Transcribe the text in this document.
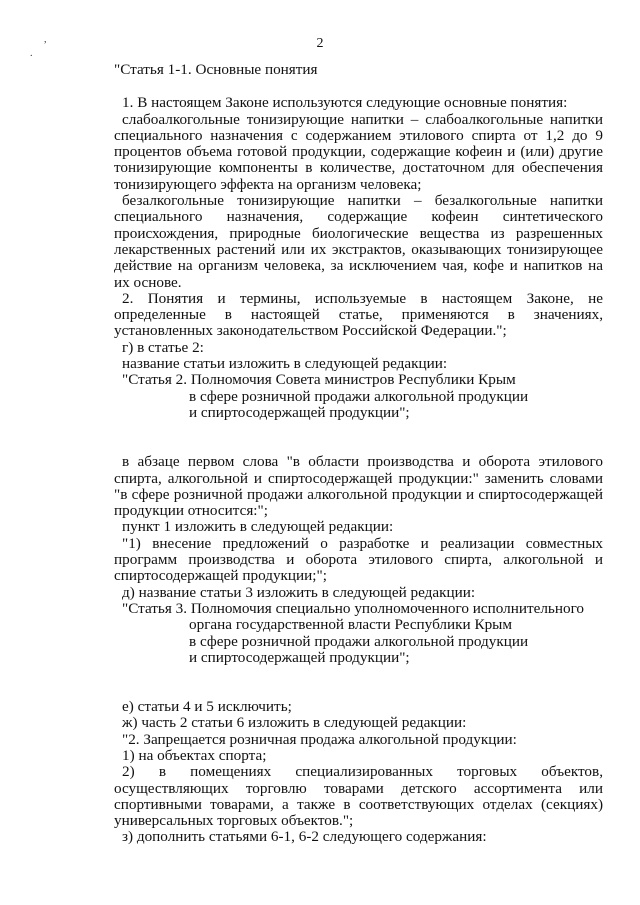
,
.
2
"Статья 1-1. Основные понятия
1. В настоящем Законе используются следующие основные понятия:
слабоалкогольные тонизирующие напитки – слабоалкогольные напитки специального назначения с содержанием этилового спирта от 1,2 до 9 процентов объема готовой продукции, содержащие кофеин и (или) другие тонизирующие компоненты в количестве, достаточном для обеспечения тонизирующего эффекта на организм человека;
безалкогольные тонизирующие напитки – безалкогольные напитки специального назначения, содержащие кофеин синтетического происхождения, природные биологические вещества из разрешенных лекарственных растений или их экстрактов, оказывающих тонизирующее действие на организм человека, за исключением чая, кофе и напитков на их основе.
2. Понятия и термины, используемые в настоящем Законе, не определенные в настоящей статье, применяются в значениях, установленных законодательством Российской Федерации.";
г) в статье 2:
название статьи изложить в следующей редакции:
"Статья 2. Полномочия Совета министров Республики Крым
в сфере розничной продажи алкогольной продукции
и спиртосодержащей продукции";
в абзаце первом слова "в области производства и оборота этилового спирта, алкогольной и спиртосодержащей продукции:" заменить словами "в сфере розничной продажи алкогольной продукции и спиртосодержащей продукции относится:";
пункт 1 изложить в следующей редакции:
"1) внесение предложений о разработке и реализации совместных программ производства и оборота этилового спирта, алкогольной и спиртосодержащей продукции;";
д) название статьи 3 изложить в следующей редакции:
"Статья 3. Полномочия специально уполномоченного исполнительного
органа государственной власти Республики Крым
в сфере розничной продажи алкогольной продукции
и спиртосодержащей продукции";
е) статьи 4 и 5 исключить;
ж) часть 2 статьи 6 изложить в следующей редакции:
"2. Запрещается розничная продажа алкогольной продукции:
1) на объектах спорта;
2) в помещениях специализированных торговых объектов, осуществляющих торговлю товарами детского ассортимента или спортивными товарами, а также в соответствующих отделах (секциях) универсальных торговых объектов.";
з) дополнить статьями 6-1, 6-2 следующего содержания:
